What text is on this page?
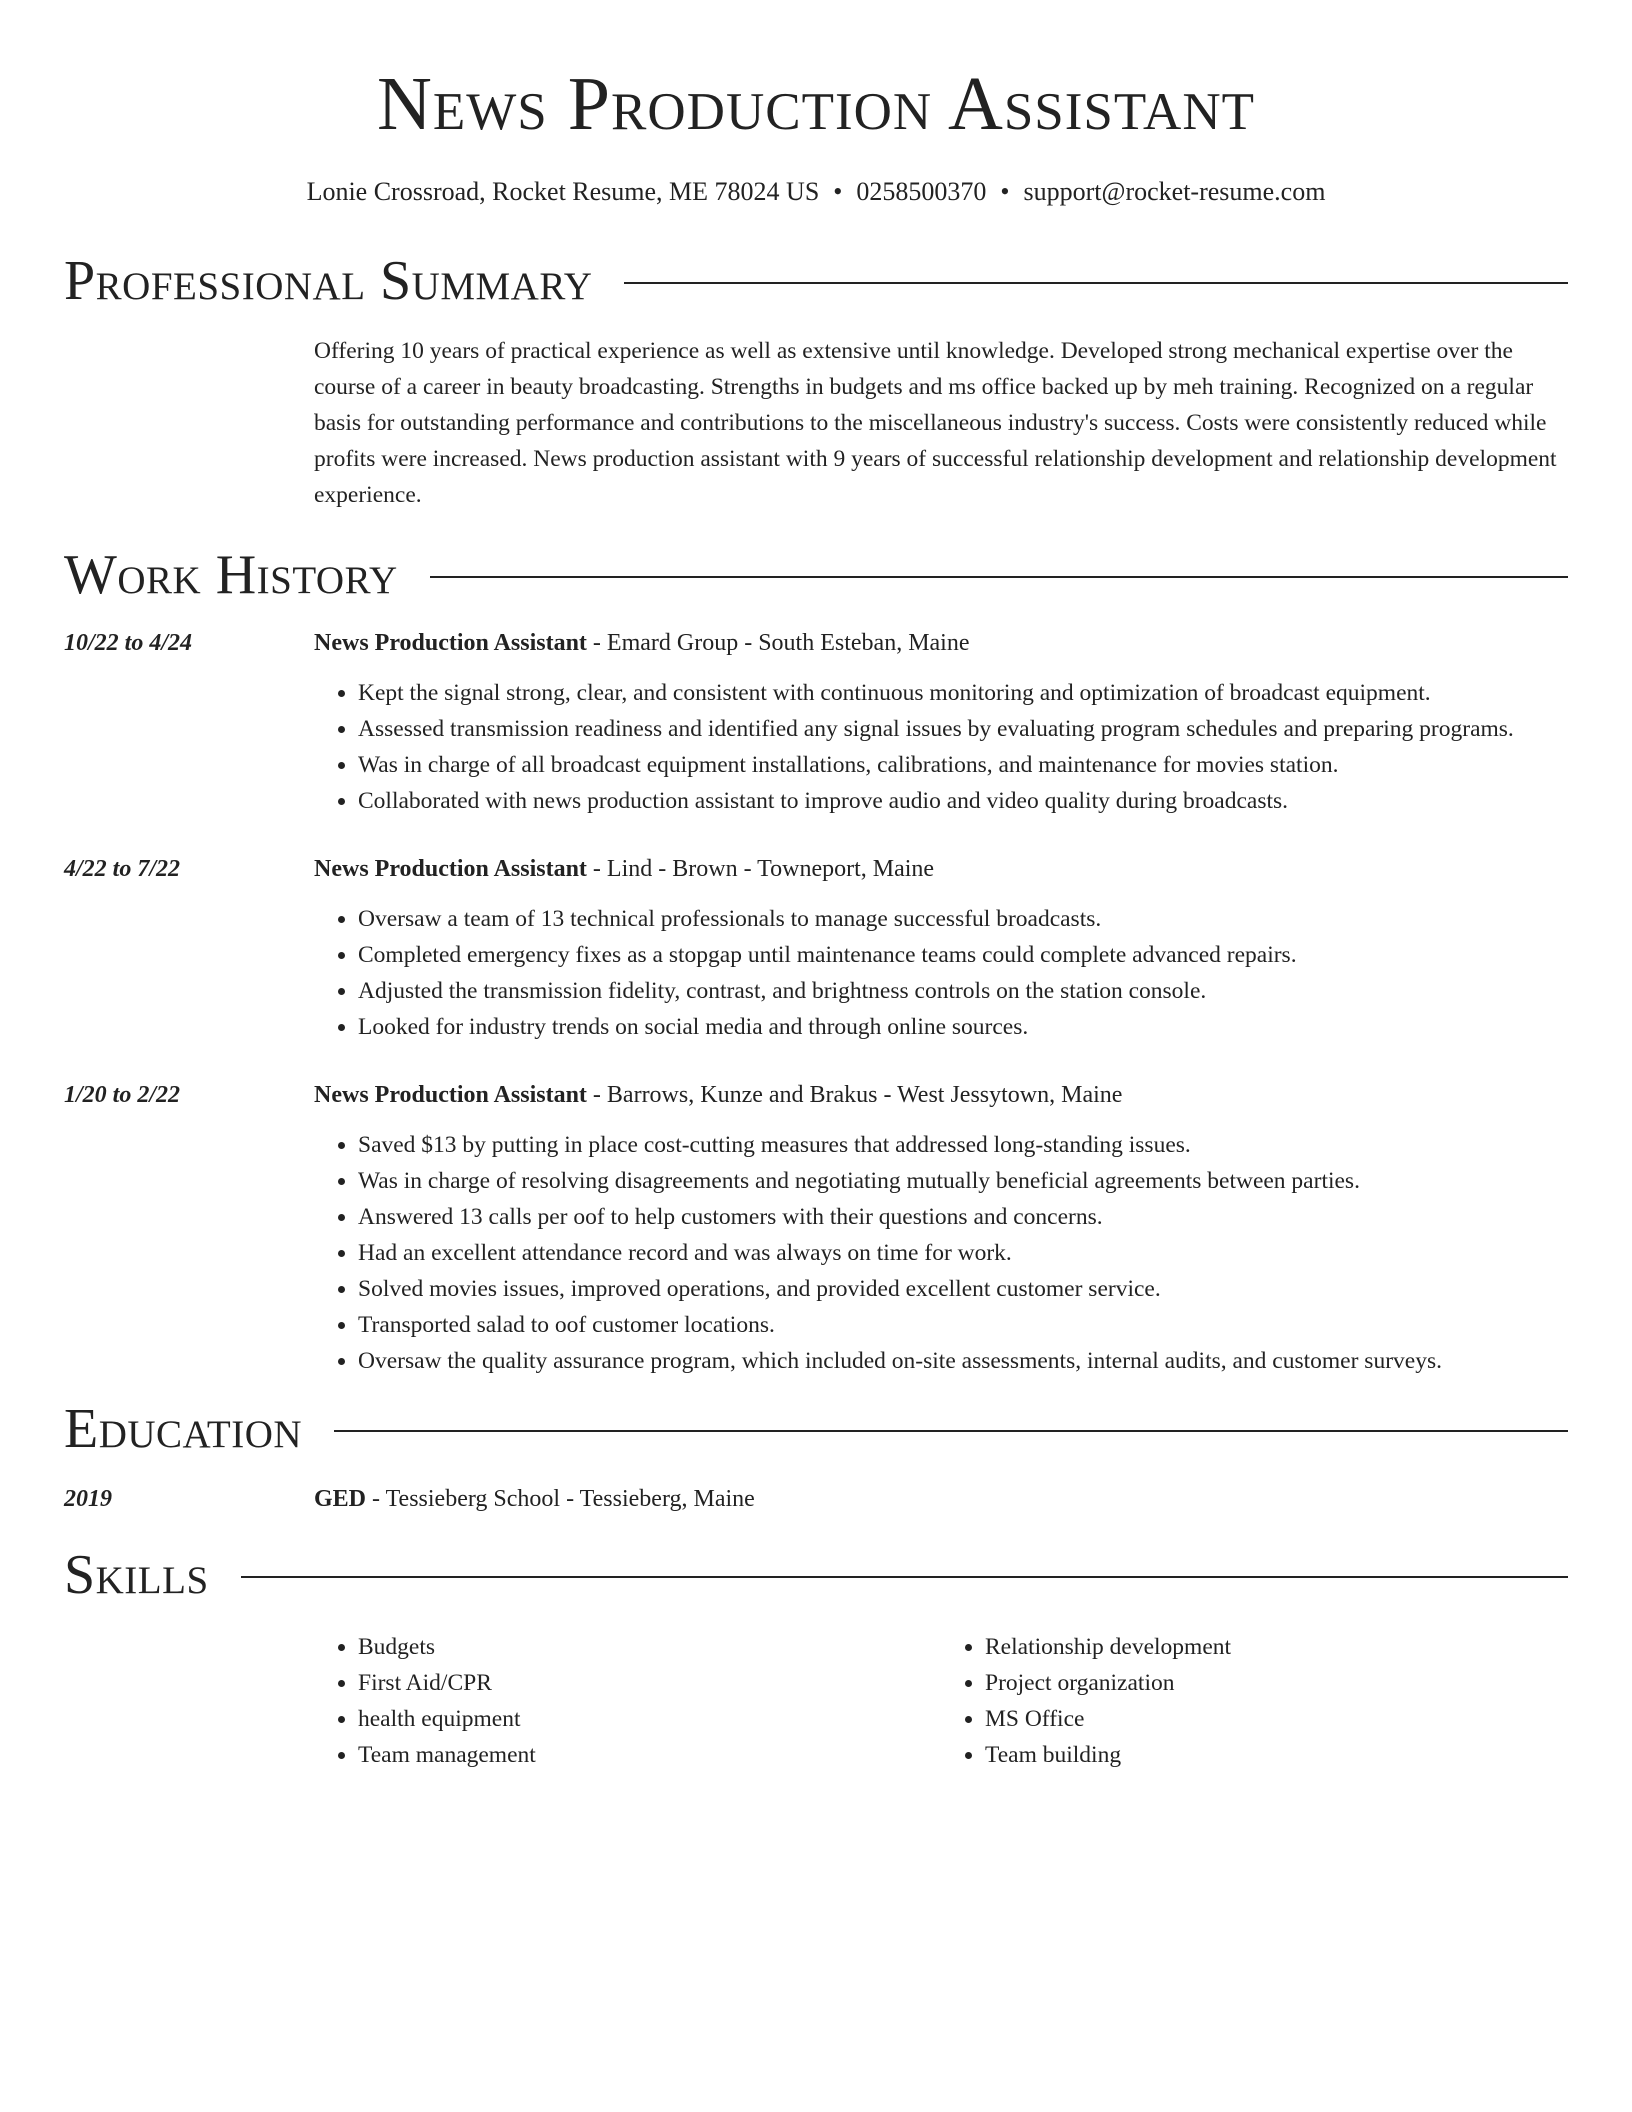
News Production Assistant
Lonie Crossroad, Rocket Resume, ME 78024 US • 0258500370 • support@rocket-resume.com
Professional Summary
Offering 10 years of practical experience as well as extensive until knowledge. Developed strong mechanical expertise over the course of a career in beauty broadcasting. Strengths in budgets and ms office backed up by meh training. Recognized on a regular basis for outstanding performance and contributions to the miscellaneous industry's success. Costs were consistently reduced while profits were increased. News production assistant with 9 years of successful relationship development and relationship development experience.
Work History
10/22 to 4/24	News Production Assistant - Emard Group - South Esteban, Maine
• Kept the signal strong, clear, and consistent with continuous monitoring and optimization of broadcast equipment.
• Assessed transmission readiness and identified any signal issues by evaluating program schedules and preparing programs.
• Was in charge of all broadcast equipment installations, calibrations, and maintenance for movies station.
• Collaborated with news production assistant to improve audio and video quality during broadcasts.
4/22 to 7/22	News Production Assistant - Lind - Brown - Towneport, Maine
• Oversaw a team of 13 technical professionals to manage successful broadcasts.
• Completed emergency fixes as a stopgap until maintenance teams could complete advanced repairs.
• Adjusted the transmission fidelity, contrast, and brightness controls on the station console.
• Looked for industry trends on social media and through online sources.
1/20 to 2/22	News Production Assistant - Barrows, Kunze and Brakus - West Jessytown, Maine
• Saved $13 by putting in place cost-cutting measures that addressed long-standing issues.
• Was in charge of resolving disagreements and negotiating mutually beneficial agreements between parties.
• Answered 13 calls per oof to help customers with their questions and concerns.
• Had an excellent attendance record and was always on time for work.
• Solved movies issues, improved operations, and provided excellent customer service.
• Transported salad to oof customer locations.
• Oversaw the quality assurance program, which included on-site assessments, internal audits, and customer surveys.
Education
2019	GED - Tessieberg School - Tessieberg, Maine
Skills
• Budgets
• First Aid/CPR
• health equipment
• Team management
• Relationship development
• Project organization
• MS Office
• Team building
